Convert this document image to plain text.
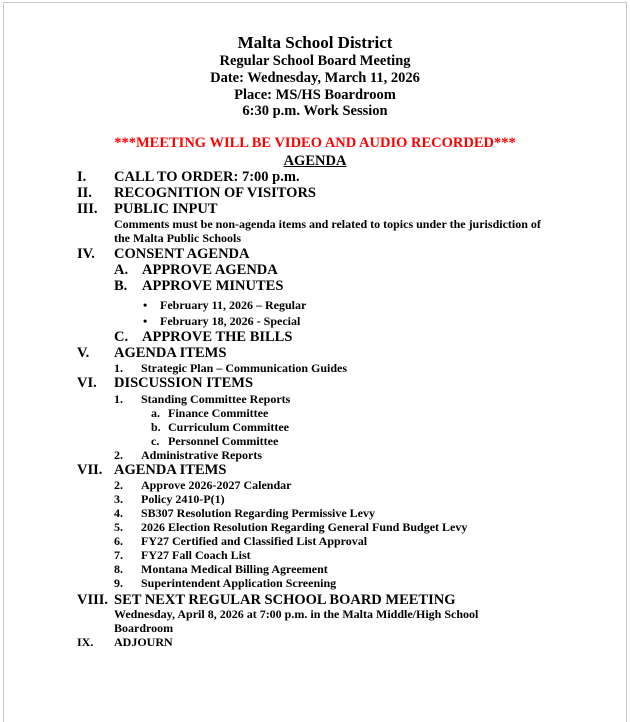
Malta School District
Regular School Board Meeting
Date: Wednesday, March 11, 2026
Place: MS/HS Boardroom
6:30 p.m. Work Session
***MEETING WILL BE VIDEO AND AUDIO RECORDED***
AGENDA
I. CALL TO ORDER: 7:00 p.m.
II. RECOGNITION OF VISITORS
III. PUBLIC INPUT
Comments must be non-agenda items and related to topics under the jurisdiction of
the Malta Public Schools
IV. CONSENT AGENDA
A. APPROVE AGENDA
B. APPROVE MINUTES
• February 11, 2026 – Regular
• February 18, 2026 - Special
C. APPROVE THE BILLS
V. AGENDA ITEMS
1. Strategic Plan – Communication Guides
VI. DISCUSSION ITEMS
1. Standing Committee Reports
a. Finance Committee
b. Curriculum Committee
c. Personnel Committee
2. Administrative Reports
VII. AGENDA ITEMS
2. Approve 2026-2027 Calendar
3. Policy 2410-P(1)
4. SB307 Resolution Regarding Permissive Levy
5. 2026 Election Resolution Regarding General Fund Budget Levy
6. FY27 Certified and Classified List Approval
7. FY27 Fall Coach List
8. Montana Medical Billing Agreement
9. Superintendent Application Screening
VIII. SET NEXT REGULAR SCHOOL BOARD MEETING
Wednesday, April 8, 2026 at 7:00 p.m. in the Malta Middle/High School
Boardroom
IX. ADJOURN
